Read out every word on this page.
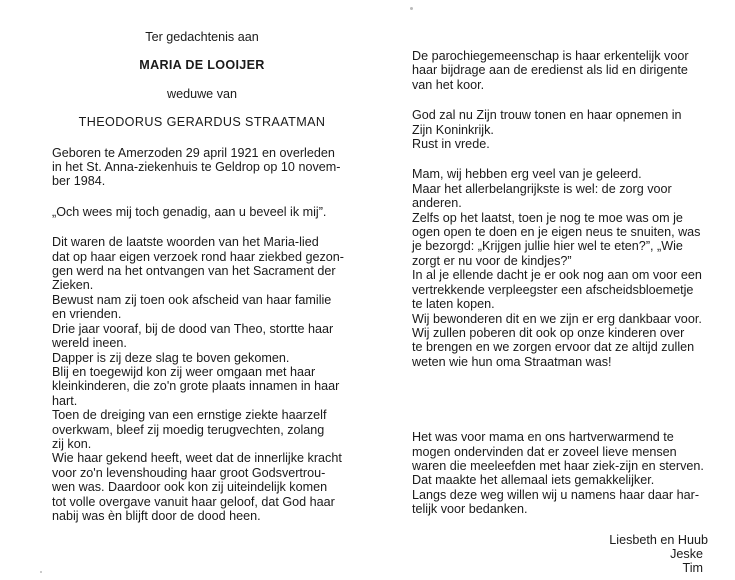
Ter gedachtenis aan

MARIA DE LOOIJER

weduwe van

THEODORUS GERARDUS STRAATMAN

Geboren te Amerzoden 29 april 1921 en overleden

in het St. Anna-ziekenhuis te Geldrop op 10 novem-

ber 1984.

„Och wees mij toch genadig, aan u beveel ik mij”.

Dit waren de laatste woorden van het Maria-lied

dat op haar eigen verzoek rond haar ziekbed gezon-

gen werd na het ontvangen van het Sacrament der

Zieken.

Bewust nam zij toen ook afscheid van haar familie

en vrienden.

Drie jaar vooraf, bij de dood van Theo, stortte haar

wereld ineen.

Dapper is zij deze slag te boven gekomen.

Blij en toegewijd kon zij weer omgaan met haar

kleinkinderen, die zo'n grote plaats innamen in haar

hart.

Toen de dreiging van een ernstige ziekte haarzelf

overkwam, bleef zij moedig terugvechten, zolang

zij kon.

Wie haar gekend heeft, weet dat de innerlijke kracht

voor zo'n levenshouding haar groot Godsvertrou-

wen was. Daardoor ook kon zij uiteindelijk komen

tot volle overgave vanuit haar geloof, dat God haar

nabij was èn blijft door de dood heen.

De parochiegemeenschap is haar erkentelijk voor

haar bijdrage aan de eredienst als lid en dirigente

van het koor.

God zal nu Zijn trouw tonen en haar opnemen in

Zijn Koninkrijk.

Rust in vrede.

Mam, wij hebben erg veel van je geleerd.

Maar het allerbelangrijkste is wel: de zorg voor

anderen.

Zelfs op het laatst, toen je nog te moe was om je

ogen open te doen en je eigen neus te snuiten, was

je bezorgd: „Krijgen jullie hier wel te eten?”, „Wie

zorgt er nu voor de kindjes?”

In al je ellende dacht je er ook nog aan om voor een

vertrekkende verpleegster een afscheidsbloemetje

te laten kopen.

Wij bewonderen dit en we zijn er erg dankbaar voor.

Wij zullen poberen dit ook op onze kinderen over

te brengen en we zorgen ervoor dat ze altijd zullen

weten wie hun oma Straatman was!

Het was voor mama en ons hartverwarmend te

mogen ondervinden dat er zoveel lieve mensen

waren die meeleefden met haar ziek-zijn en sterven.

Dat maakte het allemaal iets gemakkelijker.

Langs deze weg willen wij u namens haar daar har-

telijk voor bedanken.

Liesbeth en Huub

Jeske

Tim
